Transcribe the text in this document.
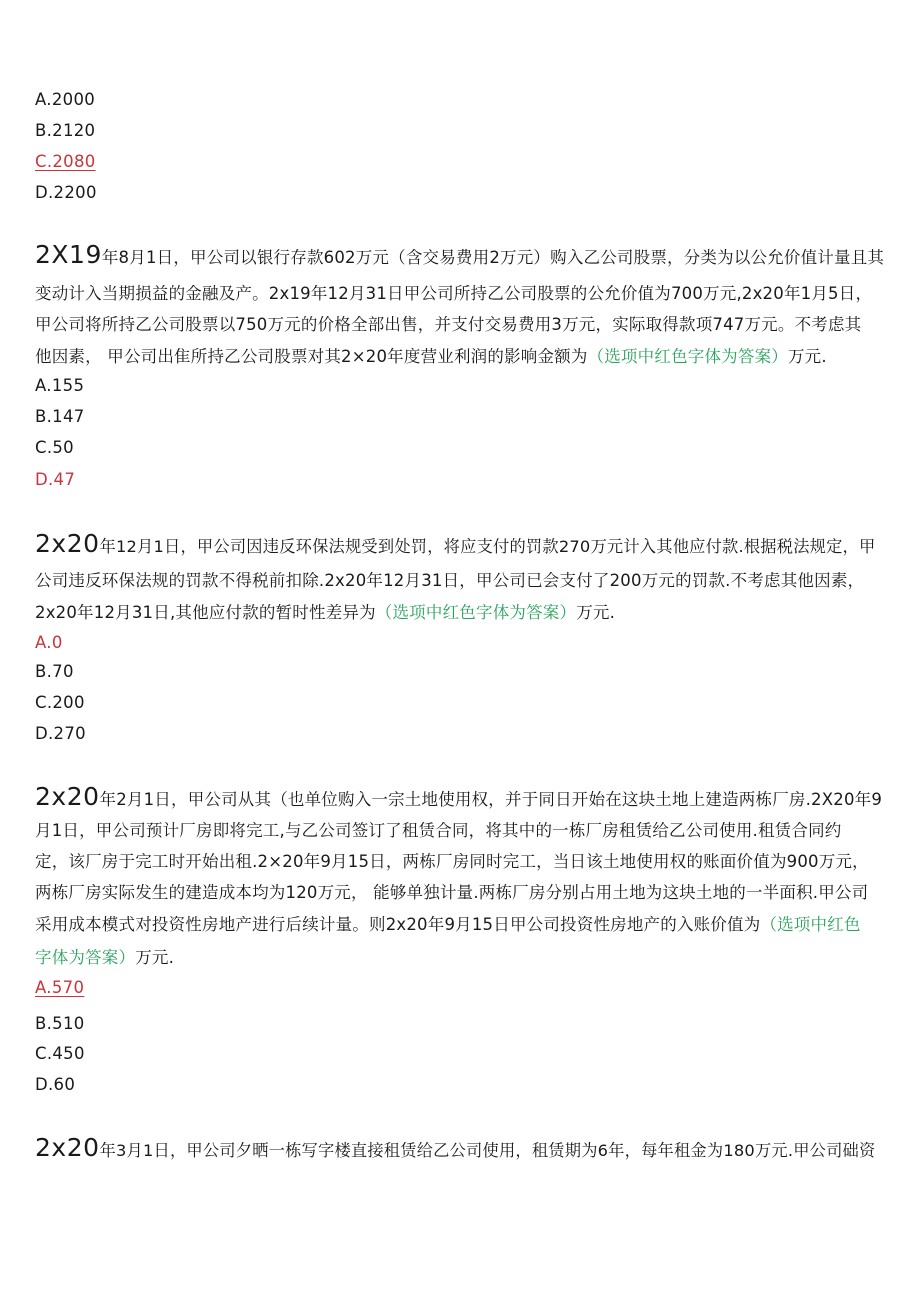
A.2000
B.2120
C.2080
D.2200
2X19年8月1日，甲公司以银行存款602万元（含交易费用2万元）购入乙公司股票，分类为以公允价值计量且其
变动计入当期损益的金融及产。2x19年12月31日甲公司所持乙公司股票的公允价值为700万元,2x20年1月5日，
甲公司将所持乙公司股票以750万元的价格全部出售，并支付交易费用3万元，实际取得款项747万元。不考虑其
他因素， 甲公司出隹所持乙公司股票对其2×20年度营业利润的影响金额为（选项中红色字体为答案）万元.
A.155
B.147
C.50
D.47
2x20年12月1日，甲公司因违反环保法规受到处罚，将应支付的罚款270万元计入其他应付款.根据税法规定，甲
公司违反环保法规的罚款不得税前扣除.2x20年12月31日，甲公司已会支付了200万元的罚款.不考虑其他因素，
2x20年12月31日,其他应付款的暂时性差异为（选项中红色字体为答案）万元.
A.0
B.70
C.200
D.270
2x20年2月1日，甲公司从其（也单位购入一宗土地使用权，并于同日开始在这块土地上建造两栋厂房.2X20年9
月1日，甲公司预计厂房即将完工,与乙公司签订了租赁合同，将其中的一栋厂房租赁给乙公司使用.租赁合同约
定，该厂房于完工时开始出租.2×20年9月15日，两栋厂房同时完工，当日该土地使用权的账面价值为900万元，
两栋厂房实际发生的建造成本均为120万元， 能够单独计量.两栋厂房分别占用土地为这块土地的一半面积.甲公司
采用成本模式对投资性房地产进行后续计量。则2x20年9月15日甲公司投资性房地产的入账价值为（选项中红色
字体为答案）万元.
A.570
B.510
C.450
D.60
2x20年3月1日，甲公司夕晒一栋写字楼直接租赁给乙公司使用，租赁期为6年，每年租金为180万元.甲公司础资
